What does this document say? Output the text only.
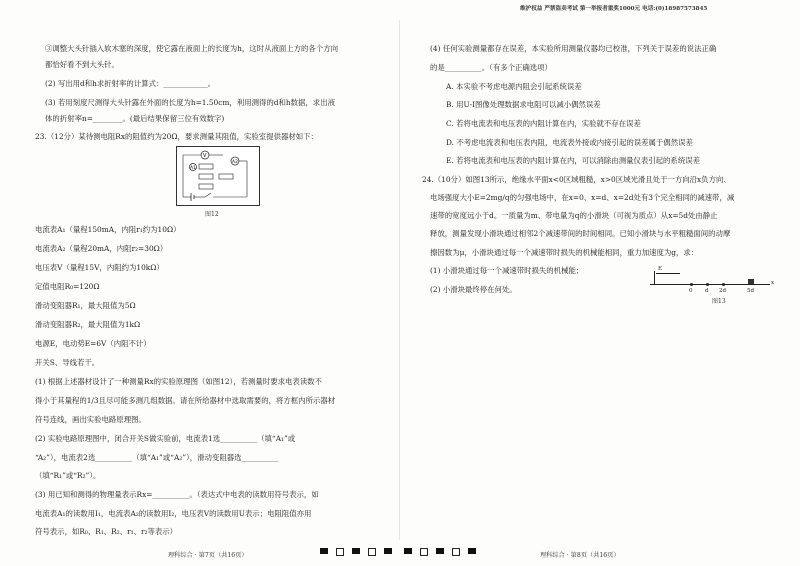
维护权益 严禁盗卖考试 第一举报者重奖1000元 电话:(0)18987573845
③调整大头针插入软木塞的深度，使它露在液面上的长度为h，这时从液面上方的各个方向
都恰好看不到大头针。
(2) 写出用d和h求折射率的计算式：____________。
(3) 若用刻度尺测得大头针露在外面的长度为h=1.50cm，利用测得的d和h数据，求出液
体的折射率n=________。(最后结果保留三位有效数字)
23.（12分）某待测电阻Rx的阻值约为20Ω，要求测量其阻值，实验室提供器材如下：
V
A2
A1
图12
电流表A₁（量程150mA，内阻r₁约为10Ω）
电流表A₂（量程20mA，内阻r₂=30Ω）
电压表V（量程15V，内阻约为10kΩ）
定值电阻R₀=120Ω
滑动变阻器R₁，最大阻值为5Ω
滑动变阻器R₂，最大阻值为1kΩ
电源E，电动势E=6V（内阻不计）
开关S、导线若干。
(1) 根据上述器材设计了一种测量Rx的实验原理图（如图12），若测量时要求电表读数不
得小于其量程的1/3且尽可能多测几组数据。请在所给器材中选取需要的，将方框内所示器材
符号连线，画出实验电路原理图。
(2) 实验电路原理图中，闭合开关S做实验前，电流表1选__________（填“A₁”或
“A₂”），电流表2选__________（填“A₁”或“A₂”），滑动变阻器选__________
（填“R₁”或“R₂”）。
(3) 用已知和测得的物理量表示Rx=__________。（表达式中电表的读数用符号表示，如
电流表A₁的读数用I₁，电流表A₂的读数用I₂，电压表V的读数用U表示；电阻阻值亦用
符号表示，如R₀、R₁、R₂、r₁、r₂等表示）
理科综合 · 第7页（共16页）
(4) 任何实验测量都存在误差，本实验所用测量仪器均已校准，下列关于误差的说法正确
的是__________。（有多个正确选项）
A. 本实验不考虑电源内阻会引起系统误差
B. 用U-I图像处理数据求电阻可以减小偶然误差
C. 若将电流表和电压表的内阻计算在内，实验就不存在误差
D. 不考虑电流表和电压表内阻，电流表外接或内接引起的误差属于偶然误差
E. 若将电流表和电压表的内阻计算在内，可以消除由测量仪表引起的系统误差
24.（10分）如图13所示，绝缘水平面x<0区域粗糙，x>0区域光滑且处于一方向沿x负方向、
电场强度大小E=2mg/q的匀强电场中，在x=0、x=d、x=2d处有3个完全相同的减速带，减
速带的宽度远小于d。一质量为m、带电量为q的小滑块（可视为质点）从x=5d处由静止
释放，测量发现小滑块通过相邻2个减速带间的时间相同。已知小滑块与水平粗糙面间的动摩
擦因数为μ，小滑块通过每一个减速带时损失的机械能相同，重力加速度为g，求：
(1) 小滑块通过每一个减速带时损失的机械能；
(2) 小滑块最终停在何处。
E
x
0 d 2d	5d
图13
理科综合 · 第8页（共16页）
